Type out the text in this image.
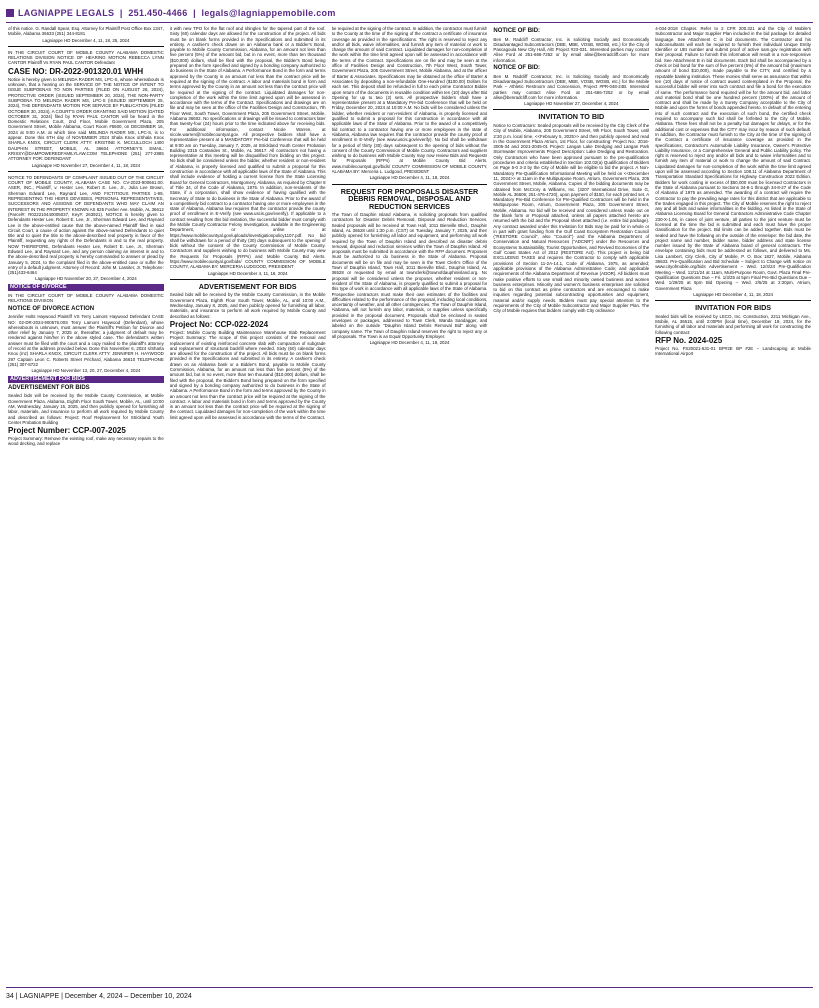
LAGNIAPPE LEGALS | 251.450-4466 | legals@lagniappemobile.com

of this notice. G. Randall Spear, Esq. Attorney for Plaintiff Post Office Box 1347, Mobile, Alabama 36633 (251) 344-8181

Lagniappe HD December 4, 11, 18, 25, 2024

IN THE CIRCUIT COURT OF MOBILE COUNTY ALABAMA DOMESTIC RELATIONS DIVISION NOTICE OF HEARING MOTION REBECCA LYNN CANTOR Plaintiff Vs RYAN PAUL CANTOR Defendant

CASE NO: DR-2022-901320.01 WHH

Notice is hereby given to MELINDA RADER MS, LPC-S, whose whereabouts is unknown, that a hearing on the SERVICE OF THE NOTICE OF INTENT TO ISSUE SUBPOENAS TO NON PARTIES (FILED ON AUGUST 28, 2024), PROTECTIVE ORDER (ISSUED SEPTEMBER 20, 2024), THE NON-PARTY SUBPOENA TO MELINDA RADER MS, LPC-S (ISSUED SEPTEMBER 25, 2024), THE DEFENDANTS MOTION FOR SERVICE BY PUBLICATION (FILED OCTOBER 30, 2024), A COURT'S ORDER GRANTING SAID MOTION (DATED OCTOBER 31, 2024) filed by RYAN PAUL CANTOR will be heard in the Domestic Relations Court, 2nd Floor, Mobile Government Plaza, 205 Government Street, Mobile Alabama, Court Room #5600, on DECEMBER 16, 2024 at 9:00 A.M. at which time said MELINDA RADER MS, LPC-S, is to appear. Done this 6TH day of NOVEMBER 2024 Shala Knox s/Shala Knox SHARLA KNOX, CIRCUIT CLERK ATTY: KRISTINE K. MCCULLOCH 1400 DAUPHIN STREET, MOBILE, AL 36604 ATTORNEY'S EMAIL: KRISSY@DAMPOWEREDFAMILYLAW.COM TELEPHONE (251) 277-2885 ATTORNEY FOR: DEFENDANT

Lagniappe HD November 27, December 4, 11, 18, 2024

NOTICE TO DEFENDANTS OF COMPLAINT ISSUED OUT OF THE CIRCUIT COURT OF MOBILE COUNTY, ALABAMA CASE NO. CV-2023-900661.00. ASER, INC., Plaintiff, v. Hester Lee, Robert E. Lee, Jr., Julia Lee Brown, Sherman Edward Lee, Raynard Lee, AND FICTITIOUS PARTIES 1-99, REPRESENTING THE HEIRS DEVISEES, PERSONAL REPRESENTATIVES, SUCCESSORS AND ASSIGNS OF DEFENDANTS WHO MAY CLAIM AN INTEREST IN THE PROPERTY KNOWN AS 825 Fosher Ave. Mobile, AL 36612 (Parcel#: R022210440005037, Key#: 263921). NOTICE is hereby given to Defendants Hester Lee, Robert E. Lee, Jr., Sherman Edward Lee, and Raynard Lee in the above-entitled cause that the above-named Plaintiff filed in said Circuit Court, a cause of action against the above-named Defendants to quiet title and to quiet the title to the above-described real property in favor of the Plaintiff, requesting any rights of the Defendants in and to the real property. NOW THEREFORE, Defendants Hester Lee, Robert E. Lee, Jr., Sherman Edward Lee, and Raynard Lee, and any person claiming an interest in and to the above-described real property is hereby commanded to answer or plead by January 5, 2024, to the complaint filed in the above-entitled case or suffer the entry of a default judgment. Attorney of Record: John M. Lassiter, Jr. Telephone: (251)433-6464

Lagniappe HD November 20, 27, December 4, 2024

NOTICE OF DIVORCE

IN THE CIRCUIT COURT OF MOBILE COUNTY ALABAMA DOMESTIC RELATIONS DIVISION

NOTICE OF DIVORCE ACTION

Jennifer Holts Haywood Plaintiff VS Terry Lamont Haywood Defendant CASE NO: 02-DR-2024-900576.00S Terry Lamont Haywood (Defendant), whose whereabouts is unknown, must answer the Plaintiff's Petition for Divorce and other relief by January 7, 2025 or, thereafter, a judgment of default may be rendered against him/her in the above styled case. The defendant's written answer must be filed with the court and a copy mailed to the plaintiff's attorney of record at the address provided below. Done this November 6, 2024 s/Sharla Knox (mz) SHARLA KNOX, CIRCUIT CLERK ATTY: JENNIFER H. HAYWOOD 297 Captain Leon C. Roberts Street Prichard, Alabama 36610 TELEPHONE (251) 307-8722

Lagniappe HD November 13, 20, 27, December 4, 2024

ADVERTISEMENT FOR BIDS
ADVERTISEMENT FOR BIDS

Sealed bids will be received by the Mobile County Commission, at Mobile Government Plaza, Alabama, Eighth Floor South Tower, Mobile, AL, until 10:00 AM, Wednesday, January 15, 2025, and then publicly opened for furnishing all labor, materials, and insurance to perform all work required by Mobile County and described as follows: Project: Roof Replacement for Strickland Youth Center Probation Building

Project Number: CCP-007-2025

Project Summary: Remove the existing roof, make any necessary repairs to the wood decking, and replace

it with new TPO for the flat roof and shingles for the tapered part of the roof. Sixty (60) calendar days are allowed for the construction of the project. All bids must be on blank forms provided in the Specifications and submitted in its entirety. A cashier's check drawn on an Alabama bank or a Bidder's Bond, payable to Mobile County Commission, Alabama, for an amount not less than five percent (5%) of the amount bid, but in no event, more than ten thousand ($10,000) dollars, shall be filed with the proposal, the Bidder's Bond being prepared on the form specified and signed by a bonding company authorized to do business in the State of Alabama. A Performance Bond in the form and terms approved by the County in an amount not less than the contract price will be required at the signing of the contract. A labor and materials bond in form and terms approved by the County in an amount not less than the contract price will be required at the signing of the contract. Liquidated damages for non-completion of the work within the time limit agreed upon will be assessed in accordance with the terms of the Contract. Specifications and drawings are on file and may be seen at the office of the Facilities Design and Construction, 7th Floor West, South Tower, Government Plaza, 205 Government Street, Mobile, Alabama 36602. No specifications or drawings will be issued to contractors later than twenty-four (24) hours prior to the time indicated above for receiving bids. For additional information, contact Nicole Warren, at nicole.warren@mobilecountyal.gov. All prospective bidders shall have a representative present at a MANDATORY Pre-bid Conference that will be held at 9:00 am on Tuesday, January 7, 2025, at Strickland Youth Center Probation Building 2315 Costarides St., Mobile, AL 36617. All contractors not having a representative at this meeting will be disqualified from bidding on this project. No bids shall be considered unless the bidder, whether resident or non-resident of Alabama, is properly licensed and qualified to submit a proposal for this construction in accordance with all applicable laws of the State of Alabama. This shall include evidence of holding a current license from the State Licensing Board for General Contractors, Montgomery, Alabama, as required by Chapter 8 of Title 34, of the Code of Alabama, 1975. In addition, non-residents of the State, if a corporation, shall show evidence of having qualified with the Secretary of State to do business in the State of Alabama. Prior to the award of a competitively bid contract to a contractor having one or more employees in the state of Alabama, Alabama law requires that the contractor provide the county proof of enrollment in E-Verify (see www.uscis.gov/everify). If applicable to a contract resulting from this bid invitation, the successful bidder must comply with the Mobile County Contractor Felony Investigation, available in the Engineering Department, or online at https://www.mobilecountyal.gov/uploads/investigationpolicy1107.pdf. No bid shall be withdrawn for a period of thirty (30) days subsequent to the opening of bids without the consent of the County Commission of Mobile County. Contractors and suppliers wishing to do business with Mobile County may view the Requests for Proposals (RFPs) and Mobile County Bid Alerts. https://www.mobilecountyal.gov/bids/ COUNTY COMMISSION OF MOBILE COUNTY, ALABAMA BY: MERCERIA LUDGOOD, PRESIDENT

Lagniappe HD December 4, 11, 18, 2024

ADVERTISEMENT FOR BIDS

Sealed bids will be received by the Mobile County Commission, in the Mobile Government Plaza, Eighth Floor South Tower, Mobile, AL, until 10:00 A.M., Wednesday, January 8, 2025, and then publicly opened for furnishing all labor, materials, and insurance to perform all work required by Mobile County and described as follows:

Project No: CCP-022-2024

Project: Mobile County Building Maintenance Warehouse Slab Replacement Project Summary: The scope of this project consists of the removal and replacement of existing reinforced concrete slab with compaction of subgrade and replacement of structural backfill where needed. Sixty (60) calendar days are allowed for the construction of the project. All bids must be on blank forms provided in the Specifications and submitted in its entirety. A cashier's check drawn on an Alabama bank or a Bidder's Bond, payable to Mobile County Commission, Alabama, for an amount not less than five percent (5%) of the amount bid, but in no event, more than ten thousand ($10,000) dollars, shall be filed with the proposal, the Bidder's Bond being prepared on the form specified and signed by a bonding company authorized to do business in the State of Alabama. A Performance Bond in the form and terms approved by the County in an amount not less than the contract price will be required at the signing of the contract. A labor and materials bond in form and terms approved by the County in an amount not less than the contract price will be required at the signing of the contract. Liquidated damages for non-completion of the work within the time limit agreed upon will be assessed in accordance with the terms of the Contract.

be required at the signing of the contract. In addition, the contractor must furnish to the County at the time of the signing of the contract a certificate of insurance coverage as provided in the specifications. The right is reserved to reject any and/or all bids, waive informalities, and furnish any item of material or work to change the amount of said Contract. Liquidated damages for non-completion of the work within the time limit agreed upon will be assessed in accordance with the terms of the Contract. Specifications are on file and may be seen at the office of Facilities Design and Construction, 7th Floor West, South Tower, Government Plaza, 205 Government Street, Mobile Alabama, and at the offices of Barter & Associates. Specifications may be obtained at the office of Barter & Associates by depositing a non-refundable One-Hundred ($100.00) Dollars for each set. This deposit shall be refunded in full to each prime Contractor Bidder upon return of the documents in reusable condition within ten (10) days after Bid Opening for up to two (2) sets. All prospective bidders shall have a representative present at a Mandatory Pre-bid Conference that will be held on Friday, December 20, 2024 at 10:00 A.M. No bids will be considered unless the bidder, whether resident or non-resident of Alabama, is properly licensed and qualified to submit a proposal for this construction in accordance with all applicable laws of the State of Alabama. Prior to the award of a competitively bid contract to a contractor having one or more employees in the state of Alabama, Alabama law requires that the contractor provide the county proof of enrollment in E-Verify (see www.uscis.gov/everify). No bid shall be withdrawn for a period of thirty (30) days subsequent to the opening of bids without the consent of the County Commission of Mobile County. Contractors and suppliers wishing to do business with Mobile County may now review Bids and Requests for Proposals (RFPs) at Mobile County Bid Alerts. www.mobilecountyal.gov/bids/ COUNTY COMMISSION OF MOBILE COUNTY, ALABAMA BY: Merceria L. Ludgood, PRESIDENT

Lagniappe HD December 4, 11, 18, 2024

REQUEST FOR PROPOSALS DISASTER DEBRIS REMOVAL, DISPOSAL AND REDUCTION SERVICES

The Town of Dauphin Island Alabama, is soliciting proposals from qualified contractors for Disaster Debris Removal, Disposal and Reduction Services. Sealed proposals will be received at Town Hall, 1011 Bienville Blvd., Dauphin Island, AL 36528 until 1:30 p.m. (CST) on Tuesday, January 7, 2025, and then publicly opened for furnishing all labor and equipment, and performing all work required by the Town of Dauphin Island and described as disaster debris removal, disposal and reduction services within the Town of Dauphin Island. All proposals must be submitted in accordance with the RFP document. Proposers must be authorized to do business in the State of Alabama. Proposal documents will be on file and may be seen in the Town Clerk's Office of the Town of Dauphin Island, Town Hall, 1011 Bienville Blvd., Dauphin Island, AL 36528 or requested by email at townclerk@townofdauphinisland.org. No proposal will be considered unless the proposer, whether resident or non-resident of the State of Alabama, is properly qualified to submit a proposal for this type of work in accordance with all applicable laws of the State of Alabama. Prospective contractors must make their own estimates of the facilities and difficulties related to the performance of the proposal, including local conditions, uncertainty of weather, and all other contingencies. The Town of Dauphin Island, Alabama, will not furnish any labor, materials, or supplies unless specifically provided in the proposal document. Proposals shall be enclosed in sealed envelopes or packages, addressed to Town Clerk, Wanda Sandagger, and labeled on the outside "Dauphin Island Debris Removal Bid" along with company name. The Town of Dauphin Island reserves the right to reject any or all proposals. The Town is an Equal Opportunity Employer.

Lagniappe HD December 4, 11, 18, 2024

NOTICE OF BID:

Ben M. Radcliff Contractor, Inc. is soliciting Socially and Economically Disadvantaged Subcontractors (DBE, MBE, VOSB, WOSB, etc.) for the City of Pascagoula New City Hall, A/E Project #23-031. Interested parties may contact Alise Ford at 251-666-7252 or by email alise@benradcliff.com for more information.

NOTICE OF BID:

Ben M. Radcliff Contractor, Inc. is Soliciting Socially and Economically Disadvantaged Subcontractors (DBE, MBE, VOSB, WOSB, etc.) for the Mobile Park – Athletic Restroom and Concession, Project #PR-048-24B. Interested parties may contact Alise Ford at 251-666-7252 or by email alise@benradcliff.com for more information.

Lagniappe HD November 27, December 4, 2024

INVITATION TO BID

Notice to Contractors: Sealed proposals will be received by the City Clerk of the City of Mobile, Alabama, 205 Government Street, 9th Floor, South Tower, until 2:30 p.m. local time, <<February 5, 2025>> and then publicly opened and read in the Government Plaza Atrium, 1st Floor, for constructing: Project No.: 2016-3005-34 and 2021-2045-01 Project: Langan Lake Dredging and Langan Park Stormwater Improvements Project Description: Lake Dredging and Restoration. Only Contractors who have been approved pursuant to the pre-qualification procedures and criteria established in Section 102.02(a) Qualification of Bidders on Page 5-0 3-3 by the City of Mobile will be eligible to bid the project. A Non-Mandatory Pre-Qualification Informational Meeting will be held on <<December 11, 2024>> at 11am in the Multipurpose Room, Atrium, Government Plaza, 205 Government Street, Mobile, Alabama. Copies of the bidding documents may be obtained from McCrory & Williams, Inc. (3207 International Drive, Suite G, Mobile AL 36606; 251-476-4720), upon payment of $150, for each printed set. A Mandatory Pre-Bid Conference for Pre-Qualified Contractors will be held in the Multipurpose Room, Atrium, Government Plaza, 205 Government Street, Mobile, Alabama. No bid will be received and considered unless made out on the blank form or Proposal attached, unless all papers attached hereto are returned with the bid and the Proposal sheet attached (i.e. entire bid package). Any contract awarded under this Invitation for Bids may be paid for in whole or in part with grant funding from the Gulf Coast Ecosystem Restoration Council ("RESTORE Council", also "Council") and the Alabama Department of Conservation and Natural Resources ("ADCNR") under the Resources and Ecosystems Sustainability, Tourist Opportunities, and Revived Economies of the Gulf Coast States Act of 2012 (RESTORE Act). This project is being bid EXCLUDING TAXES and requires the Contractor to comply with applicable provisions of Section 11-2A-14.1, Code of Alabama, 1975, as amended; applicable provisions of the Alabama Administrative Code; and applicable requirements of the Alabama Department of Revenue (ADOR). All bidders must make positive efforts to use small and minority owned business and women business enterprises. Minority and women's business enterprises are solicited to bid on this contract as prime contractors and are encouraged to make inquiries regarding potential subcontracting opportunities and equipment, material and/or supply needs. Bidders must pay special attention to the requirements of the City of Mobile Subcontractor and Major Supplier Plan. The City of Mobile requires that bidders comply with City ordinance

4-034-2018 Chapter. Refer to 2 CFR 200.321 and the City of Mobile's Subcontractor and Major Supplier Plan included in the bid package for detailed language. See Attachment C in bid documents. The Contractor and his subconsultants will each be required to furnish their individual Unique Entity Identifier or UEI number and submit proof of active sam.gov registration with their proposal. Failure to furnish this information will result in a non-responsive bid. See Attachment B in bid documents. Each bid shall be accompanied by a check or bid bond for the sum of five percent (5%) of the amount bid (maximum amount of bond $10,000), made payable to the CITY, and certified by a reputable banking institution. These monies shall serve as assurance that within ten (10) days of notice of contract award contemplated in the Proposal, the successful bidder will enter into such contract and file a bond for the execution of same. The performance bond required will be for the amount bid, and labor and material bond shall be one hundred percent (100%) of the amount of contract and shall be made by a Surety Company acceptable to the City of Mobile and upon the forms of bonds appended hereto. In default of the entering into of such contract and the execution of such bond, the certified check required to accompany such bid shall be forfeited to the City of Mobile, Alabama. These fees shall not be a penalty but damages for delays, or for the additional cost or expenses that the CITY may incur by reason of such default. In addition, the Contractor must furnish to the City at the time of the signing of the Contract a certificate of insurance coverage as provided in the specifications, Contractor's Automobile Liability Insurance, Owner's Protective Liability Insurance, or a Comprehensive General and Public Liability policy. The right is reserved to reject any and/or all bids and to waive informalities and to furnish any item of material or work to change the amount of said Contract. Liquidated damages for non-completion of the work within the time limit agreed upon will be assessed according to Section 108.11 of Alabama Department of Transportation Standard Specifications for Highway Construction 2022 Edition. Bidders for work costing in excess of $50,000 must be licensed Contractors in the State of Alabama pursuant to Sections 34-8-1 through 34-8-27 of the Code of Alabama of 1975 as amended. The awarding of a contract will require the Contractor to pay the prevailing wage rates for this district that are applicable to the trades engaged in this project. The City of Mobile reserves the right to reject any and all bids and waive informalities in the bidding. As listed in the State of Alabama Licensing Board for General Contractors Administrative Code Chapter 230-X-1.06, in cases of joint venture, all parties to the joint venture must be licensed at the time the bid is submitted and each must have the proper classification for the project. Bid limits can be added together. Bids must be sealed and have the following on the outside of the envelope: the bid date, the project name and number, bidder name, bidder address and state license number issued by the State of Alabama board of general contractors. The envelope containing bids must be addressed as follows, and delivered to Ms. Lisa Lambert, City Clerk, City of Mobile, P. O. Box 1827, Mobile, Alabama 36633. Pre-Qualification and Bid Schedule – Subject to Change with notice on www.cityofmobile.org/bids Advertisement – Wed. 12/4/24 Pre-Qualification Meeting – Wed. 12/11/24 at 11am, Multi-Purpose Room, Govt. Plaza Final Pre-Qualification Questions Due – Fri. 1/3/25 at 5pm Final Pre-Bid Questions Due – Wed. 1/29/25 at 5pm Bid Opening – Wed. 2/5/25 at 2:30pm, Atrium, Government Plaza

Lagniappe HD December 4, 11, 18, 2024

INVITATION FOR BIDS

Sealed bids will be received by LECO, Inc. Construction, 2211 Michigan Ave., Mobile, AL 36615, until 2:00PM (local time), December 19, 2024, for the furnishing of all labor and materials and performing all work for constructing the following contract:

RFP No. 2024-025

Project No. FS20021-531-01 BP#2E BP #2E – Landscaping at Mobile International Airport

34 | LAGNIAPPE | December 4, 2024 – December 10, 2024
